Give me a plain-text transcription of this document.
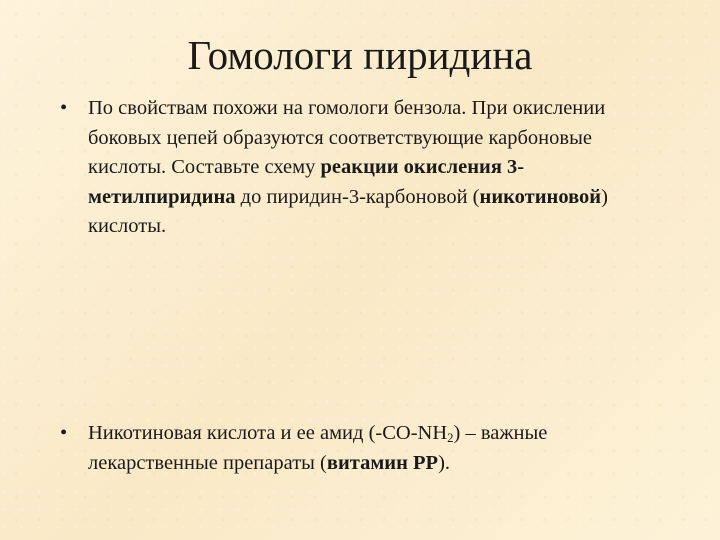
Гомологи пиридина

• По свойствам похожи на гомологи бензола. При окислении боковых цепей образуются соответствующие карбоновые кислоты. Составьте схему реакции окисления 3-метилпиридина до пиридин-3-карбоновой (никотиновой) кислоты.

• Никотиновая кислота и ее амид $(-CO-NH_2)$ – важные лекарственные препараты (витамин РР).
